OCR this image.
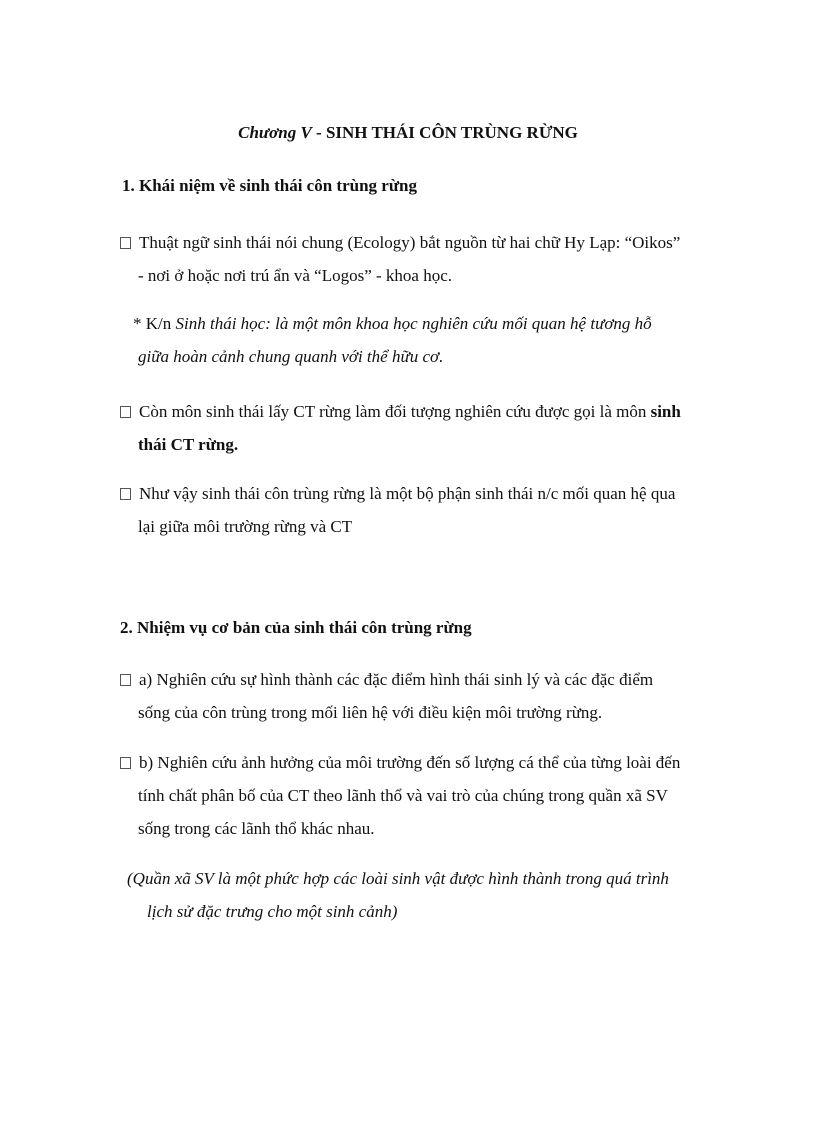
Chương V - SINH THÁI CÔN TRÙNG RỪNG
1. Khái niệm về sinh thái côn trùng rừng
Thuật ngữ sinh thái nói chung (Ecology) bắt nguồn từ hai chữ Hy Lạp: “Oikos”
- nơi ở hoặc nơi trú ẩn và “Logos” - khoa học.
* K/n Sinh thái học: là một môn khoa học nghiên cứu mối quan hệ tương hỗ
giữa hoàn cảnh chung quanh với thể hữu cơ.
Còn môn sinh thái lấy CT rừng làm đối tượng nghiên cứu được gọi là môn sinh
thái CT rừng.
Như vậy sinh thái côn trùng rừng là một bộ phận sinh thái n/c mối quan hệ qua
lại giữa môi trường rừng và CT
2. Nhiệm vụ cơ bản của sinh thái côn trùng rừng
a) Nghiên cứu sự hình thành các đặc điểm hình thái sinh lý và các đặc điểm
sống của côn trùng trong mối liên hệ với điều kiện môi trường rừng.
b) Nghiên cứu ảnh hưởng của môi trường đến số lượng cá thể của từng loài đến
tính chất phân bố của CT theo lãnh thổ và vai trò của chúng trong quần xã SV
sống trong các lãnh thổ khác nhau.
(Quần xã SV là một phức hợp các loài sinh vật được hình thành trong quá trình
lịch sử đặc trưng cho một sinh cảnh)
